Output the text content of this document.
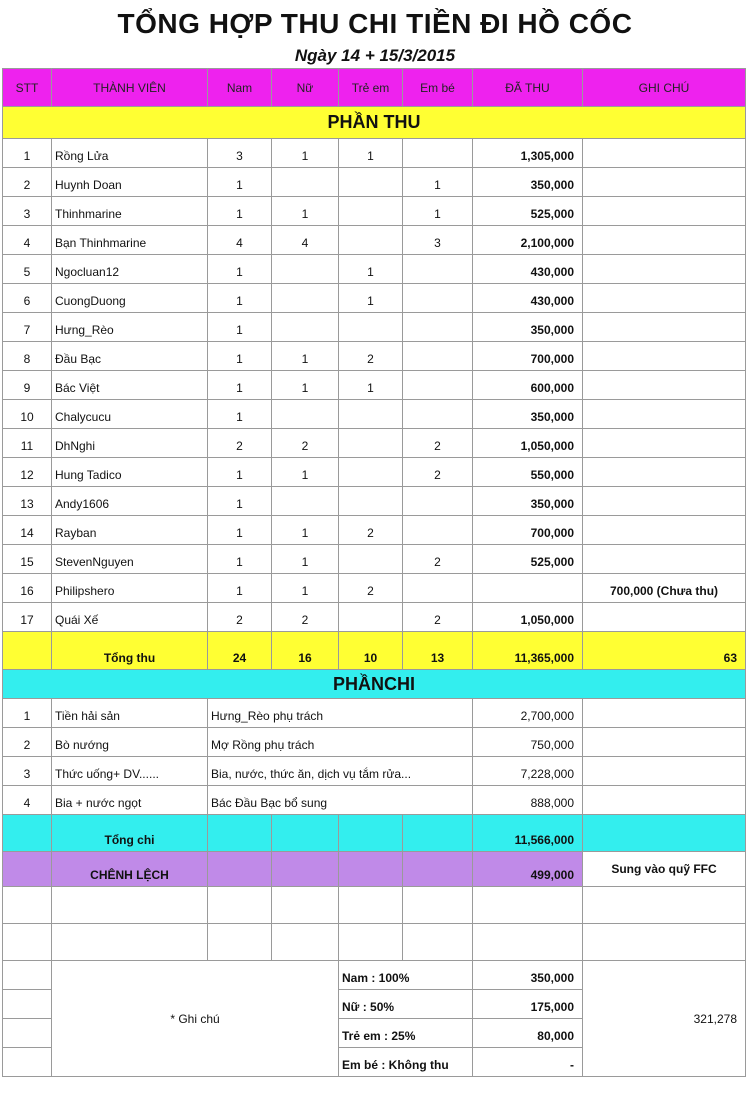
TỔNG HỢP THU CHI TIỀN ĐI HỒ CỐC
Ngày 14 + 15/3/2015
STT	THÀNH VIÊN	Nam	Nữ	Trẻ em	Em bé	ĐÃ THU	GHI CHÚ
PHẦN THU							
1	Rồng Lửa	3	1	1		1,305,000	
2	Huynh Doan	1			1	350,000	
3	Thinhmarine	1	1		1	525,000	
4	Bạn Thinhmarine	4	4		3	2,100,000	
5	Ngocluan12	1		1		430,000	
6	CuongDuong	1		1		430,000	
7	Hưng_Rèo	1				350,000	
8	Đầu Bạc	1	1	2		700,000	
9	Bác Việt	1	1	1		600,000	
10	Chalycucu	1				350,000	
11	DhNghi	2	2		2	1,050,000	
12	Hung Tadico	1	1		2	550,000	
13	Andy1606	1				350,000	
14	Rayban	1	1	2		700,000	
15	StevenNguyen	1	1		2	525,000	
16	Philipshero	1	1	2			700,000 (Chưa thu)
17	Quái Xế	2	2		2	1,050,000	
	Tổng thu	24	16	10	13	11,365,000	63
PHẦNCHI							
1	Tiền hải sản	Hưng_Rèo phụ trách				2,700,000	
2	Bò nướng	Mợ Rồng phụ trách				750,000	
3	Thức uống+ DV......	Bia, nước, thức ăn, dịch vụ tắm rửa...				7,228,000	
4	Bia + nước ngọt	Bác Đầu Bạc bổ sung				888,000	
	Tổng chi					11,566,000	
	CHÊNH LỆCH					499,000	Sung vào quỹ FFC

	* Ghi chú			Nam : 100%		350,000	321,278
				Nữ : 50%		175,000	
				Trẻ em : 25%		80,000	
				Em bé : Không thu		-	
